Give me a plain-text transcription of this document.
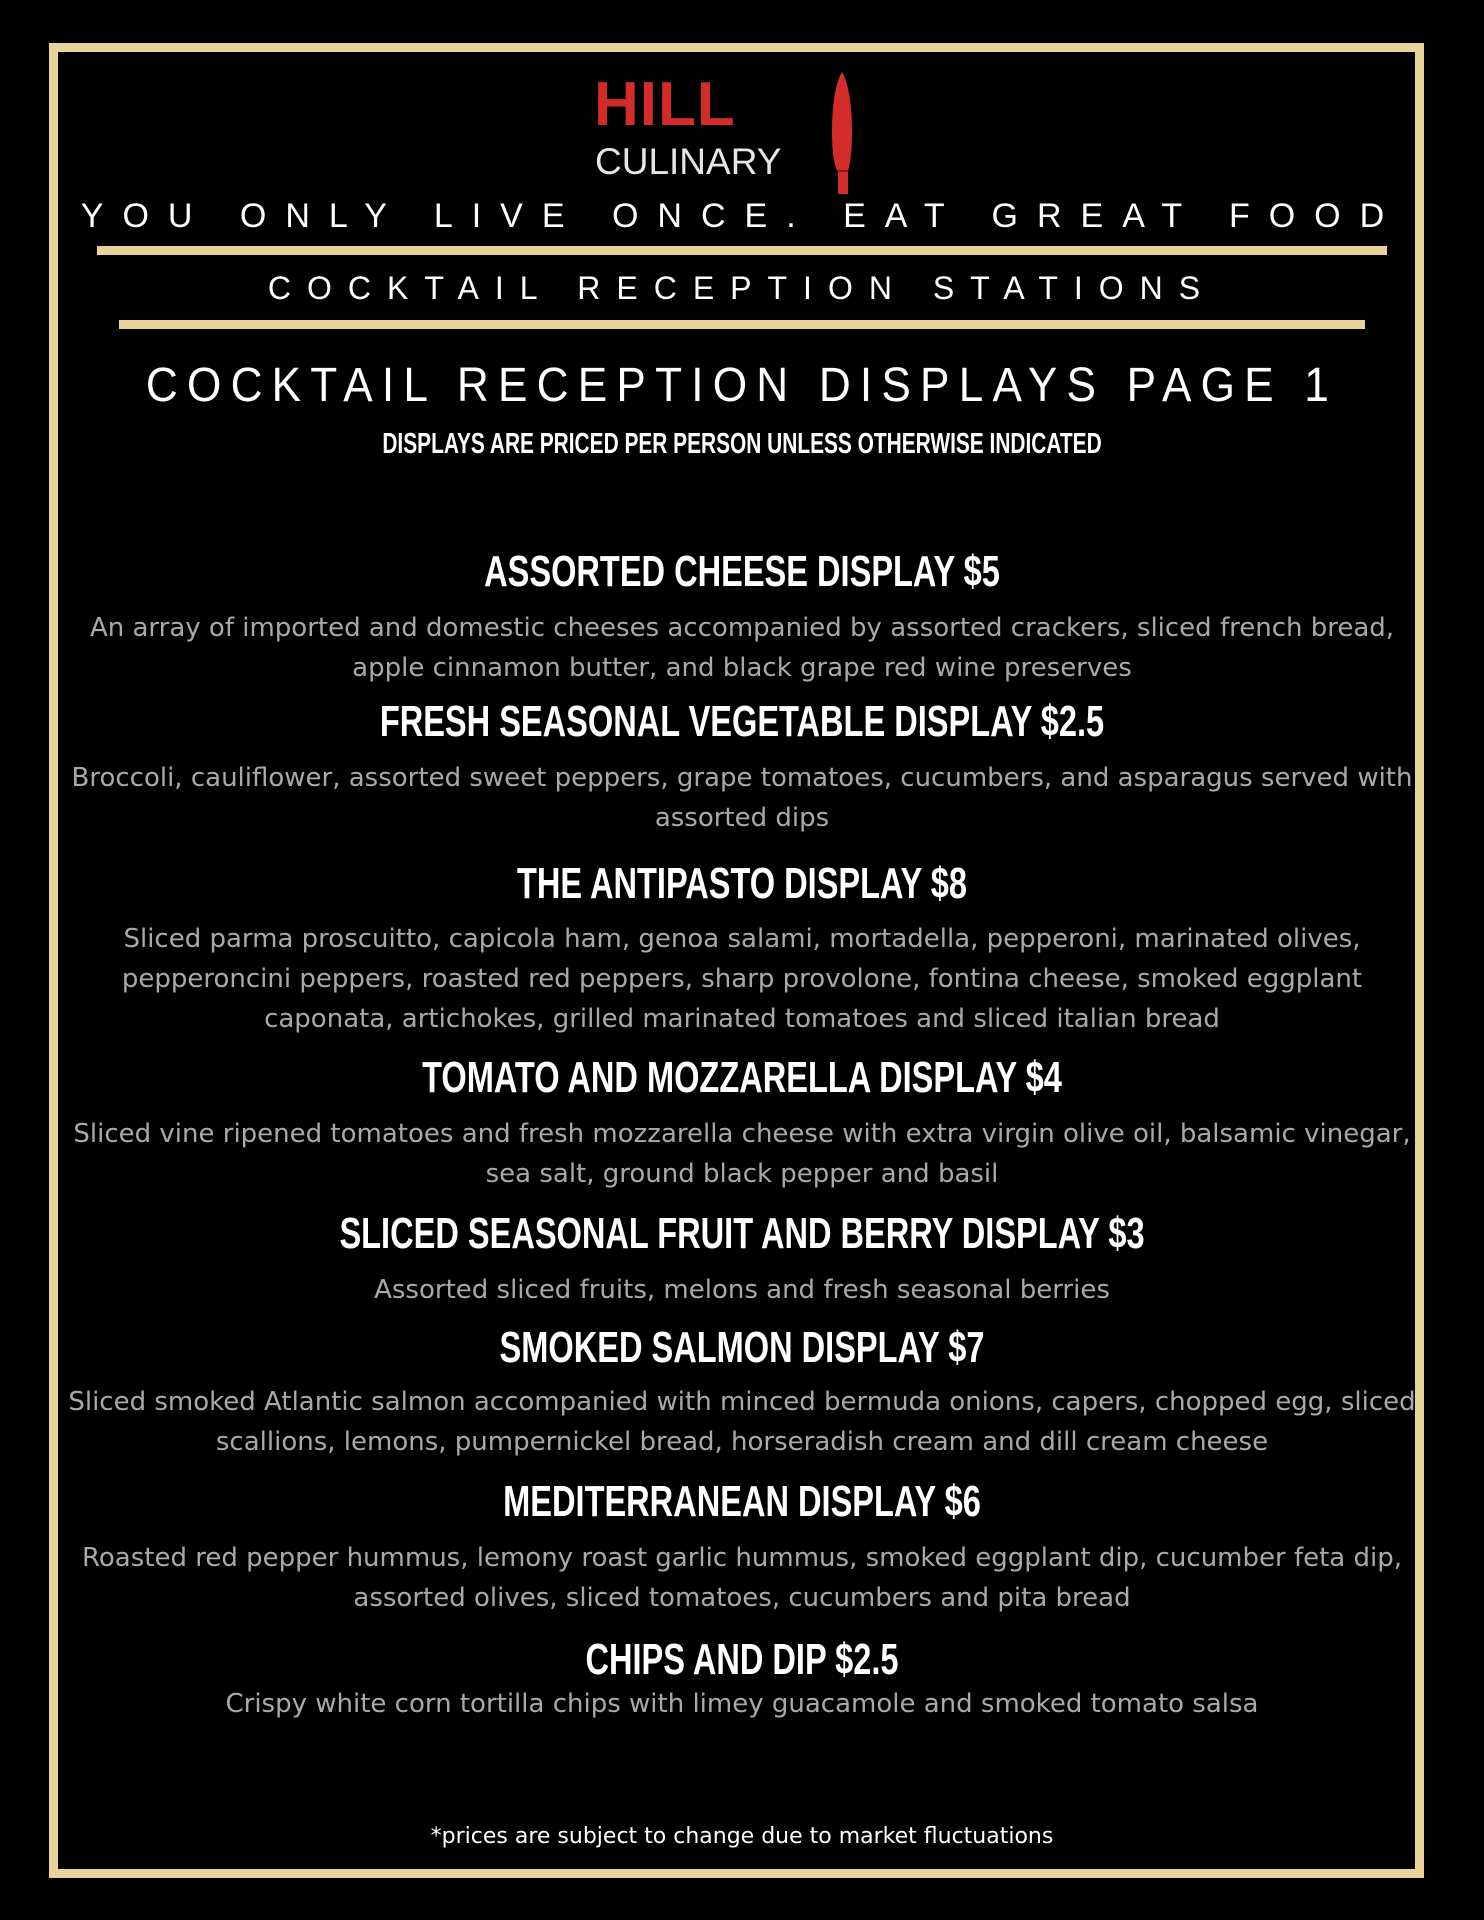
HILL
CULINARY
YOU ONLY LIVE ONCE. EAT GREAT FOOD
COCKTAIL RECEPTION STATIONS
COCKTAIL RECEPTION DISPLAYS PAGE 1
DISPLAYS ARE PRICED PER PERSON UNLESS OTHERWISE INDICATED
ASSORTED CHEESE DISPLAY $5
An array of imported and domestic cheeses accompanied by assorted crackers, sliced french bread, apple cinnamon butter, and black grape red wine preserves
FRESH SEASONAL VEGETABLE DISPLAY $2.5
Broccoli, cauliflower, assorted sweet peppers, grape tomatoes, cucumbers, and asparagus served with assorted dips
THE ANTIPASTO DISPLAY $8
Sliced parma proscuitto, capicola ham, genoa salami, mortadella, pepperoni, marinated olives, pepperoncini peppers, roasted red peppers, sharp provolone, fontina cheese, smoked eggplant caponata, artichokes, grilled marinated tomatoes and sliced italian bread
TOMATO AND MOZZARELLA DISPLAY $4
Sliced vine ripened tomatoes and fresh mozzarella cheese with extra virgin olive oil, balsamic vinegar, sea salt, ground black pepper and basil
SLICED SEASONAL FRUIT AND BERRY DISPLAY $3
Assorted sliced fruits, melons and fresh seasonal berries
SMOKED SALMON DISPLAY $7
Sliced smoked Atlantic salmon accompanied with minced bermuda onions, capers, chopped egg, sliced scallions, lemons, pumpernickel bread, horseradish cream and dill cream cheese
MEDITERRANEAN DISPLAY $6
Roasted red pepper hummus, lemony roast garlic hummus, smoked eggplant dip, cucumber feta dip, assorted olives, sliced tomatoes, cucumbers and pita bread
CHIPS AND DIP $2.5
Crispy white corn tortilla chips with limey guacamole and smoked tomato salsa
*prices are subject to change due to market fluctuations
